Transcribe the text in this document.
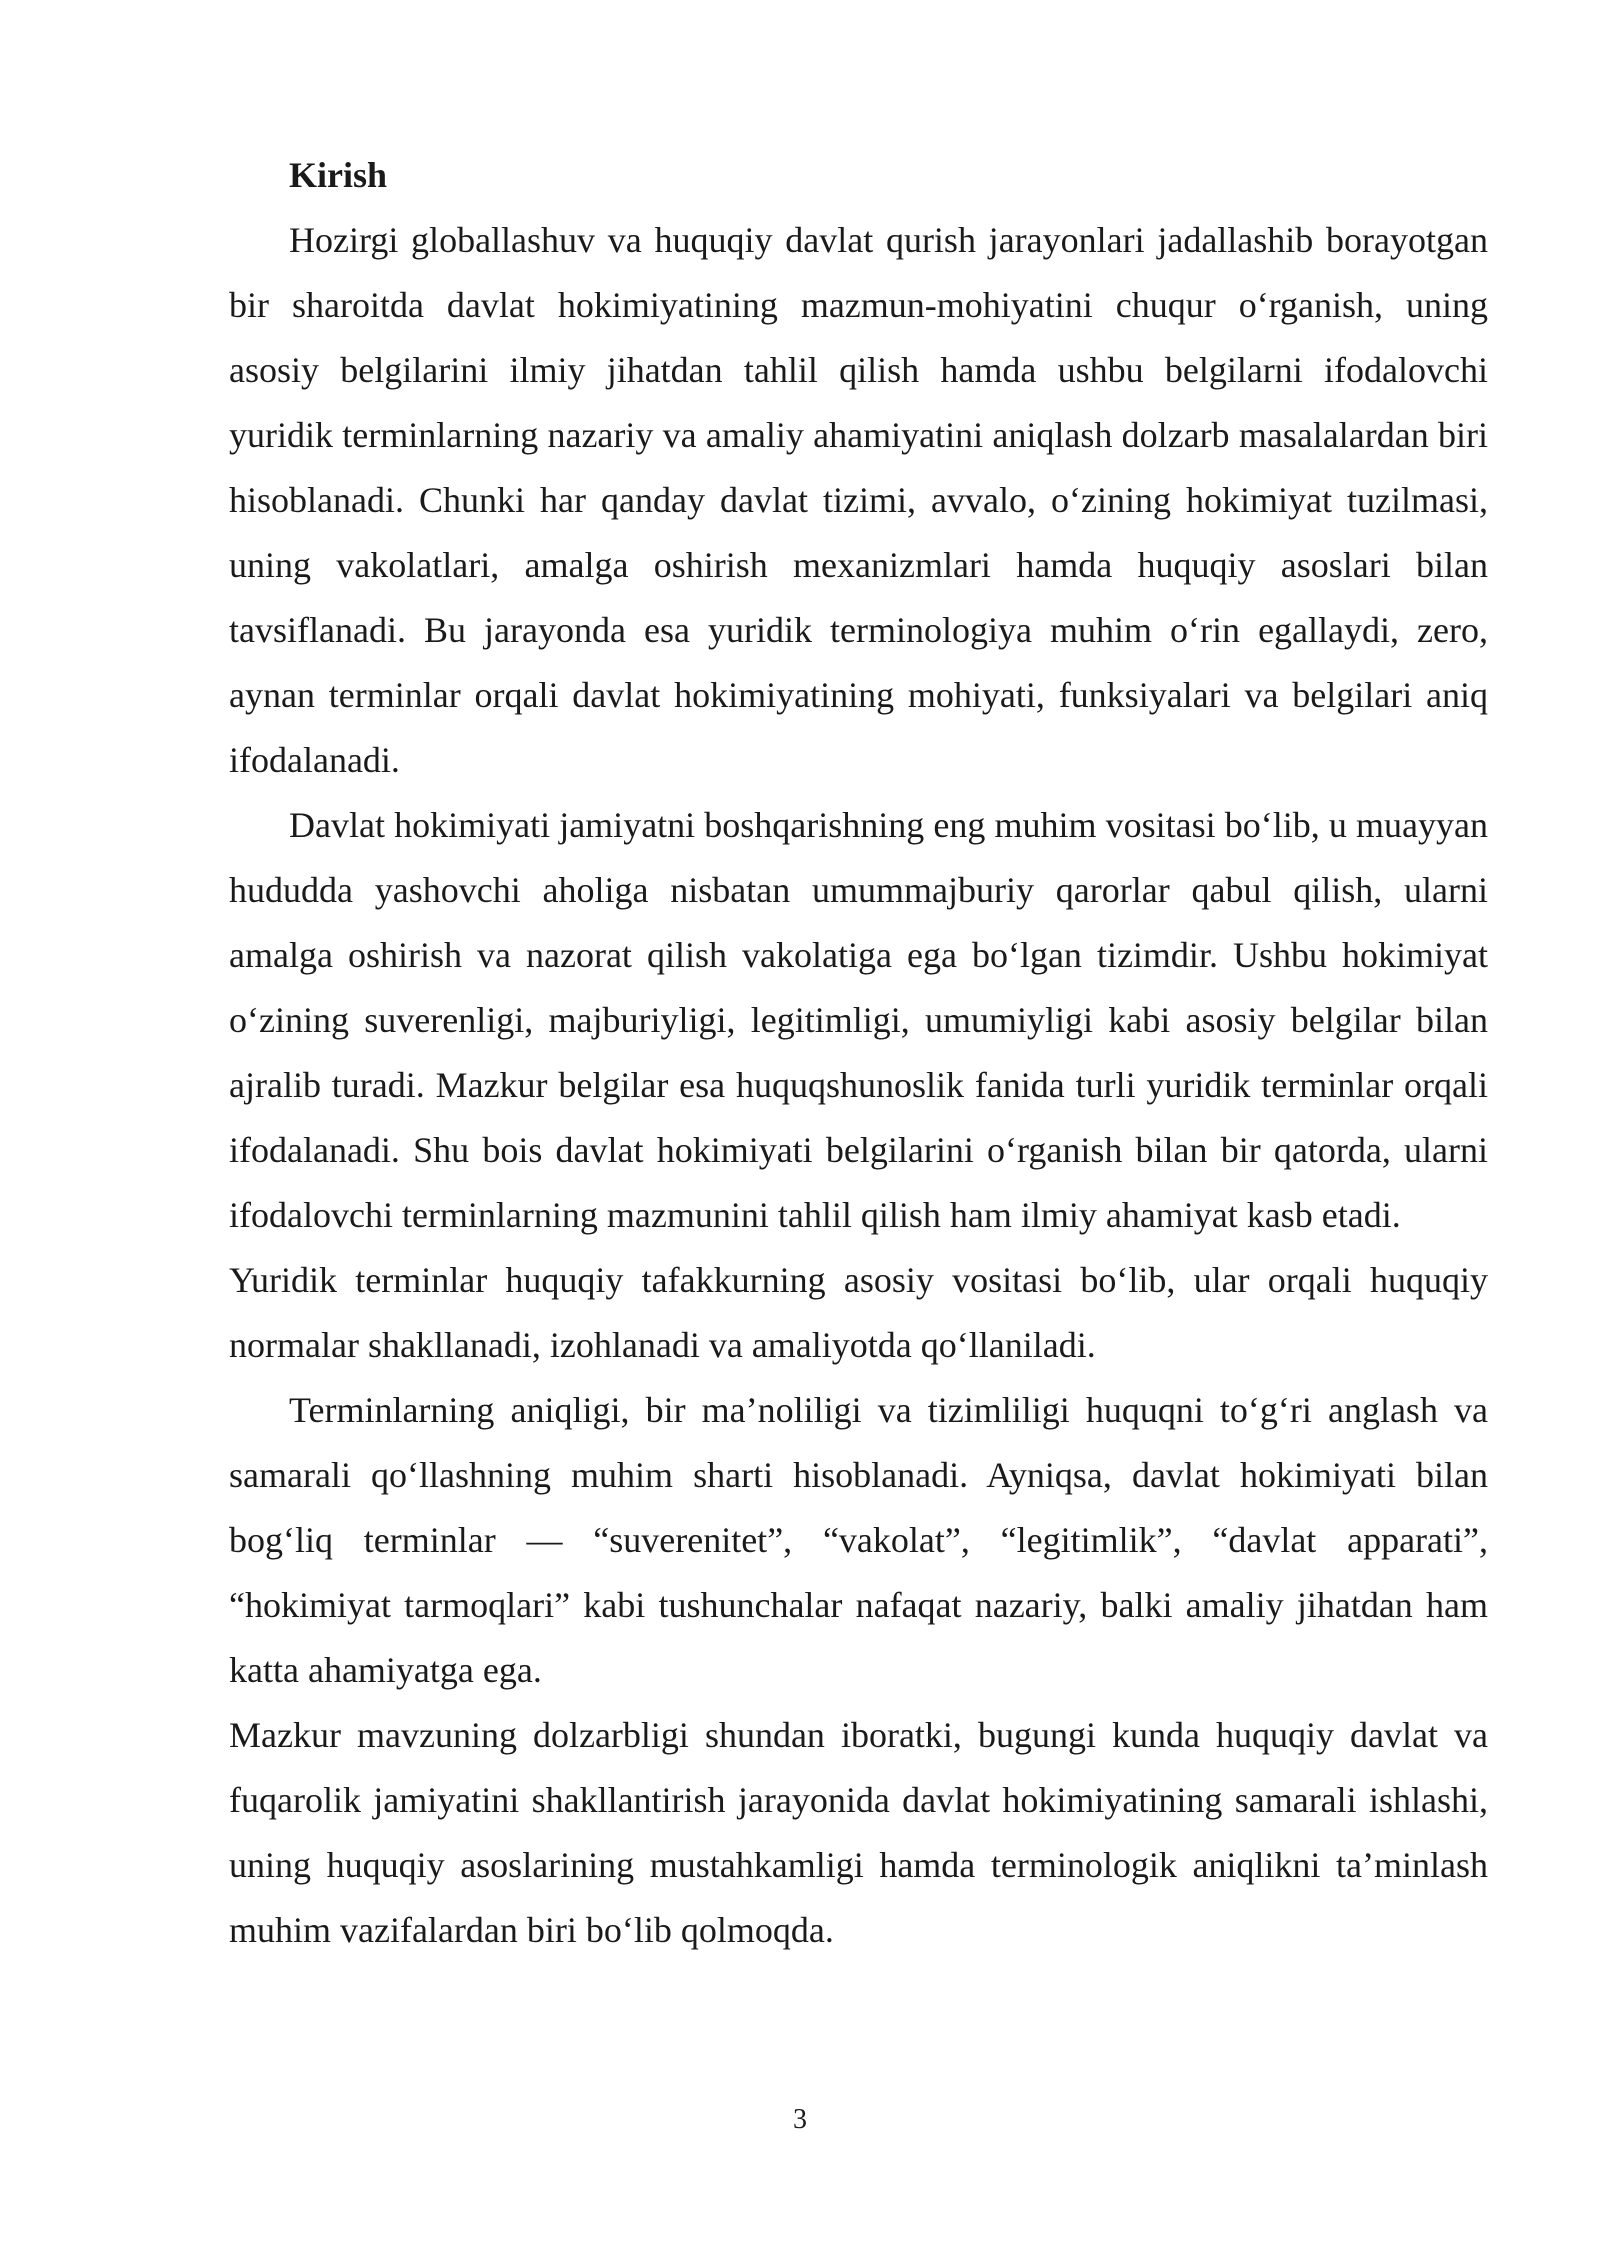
Kirish

Hozirgi globallashuv va huquqiy davlat qurish jarayonlari jadallashib borayotgan bir sharoitda davlat hokimiyatining mazmun-mohiyatini chuqur o‘rganish, uning asosiy belgilarini ilmiy jihatdan tahlil qilish hamda ushbu belgilarni ifodalovchi yuridik terminlarning nazariy va amaliy ahamiyatini aniqlash dolzarb masalalardan biri hisoblanadi. Chunki har qanday davlat tizimi, avvalo, o‘zining hokimiyat tuzilmasi, uning vakolatlari, amalga oshirish mexanizmlari hamda huquqiy asoslari bilan tavsiflanadi. Bu jarayonda esa yuridik terminologiya muhim o‘rin egallaydi, zero, aynan terminlar orqali davlat hokimiyatining mohiyati, funksiyalari va belgilari aniq ifodalanadi.

Davlat hokimiyati jamiyatni boshqarishning eng muhim vositasi bo‘lib, u muayyan hududda yashovchi aholiga nisbatan umummajburiy qarorlar qabul qilish, ularni amalga oshirish va nazorat qilish vakolatiga ega bo‘lgan tizimdir. Ushbu hokimiyat o‘zining suverenligi, majburiyligi, legitimligi, umumiyligi kabi asosiy belgilar bilan ajralib turadi. Mazkur belgilar esa huquqshunoslik fanida turli yuridik terminlar orqali ifodalanadi. Shu bois davlat hokimiyati belgilarini o‘rganish bilan bir qatorda, ularni ifodalovchi terminlarning mazmunini tahlil qilish ham ilmiy ahamiyat kasb etadi.

Yuridik terminlar huquqiy tafakkurning asosiy vositasi bo‘lib, ular orqali huquqiy normalar shakllanadi, izohlanadi va amaliyotda qo‘llaniladi.

Terminlarning aniqligi, bir ma’noliligi va tizimliligi huquqni to‘g‘ri anglash va samarali qo‘llashning muhim sharti hisoblanadi. Ayniqsa, davlat hokimiyati bilan bog‘liq terminlar — “suverenitet”, “vakolat”, “legitimlik”, “davlat apparati”, “hokimiyat tarmoqlari” kabi tushunchalar nafaqat nazariy, balki amaliy jihatdan ham katta ahamiyatga ega.

Mazkur mavzuning dolzarbligi shundan iboratki, bugungi kunda huquqiy davlat va fuqarolik jamiyatini shakllantirish jarayonida davlat hokimiyatining samarali ishlashi, uning huquqiy asoslarining mustahkamligi hamda terminologik aniqlikni ta’minlash muhim vazifalardan biri bo‘lib qolmoqda.

3
